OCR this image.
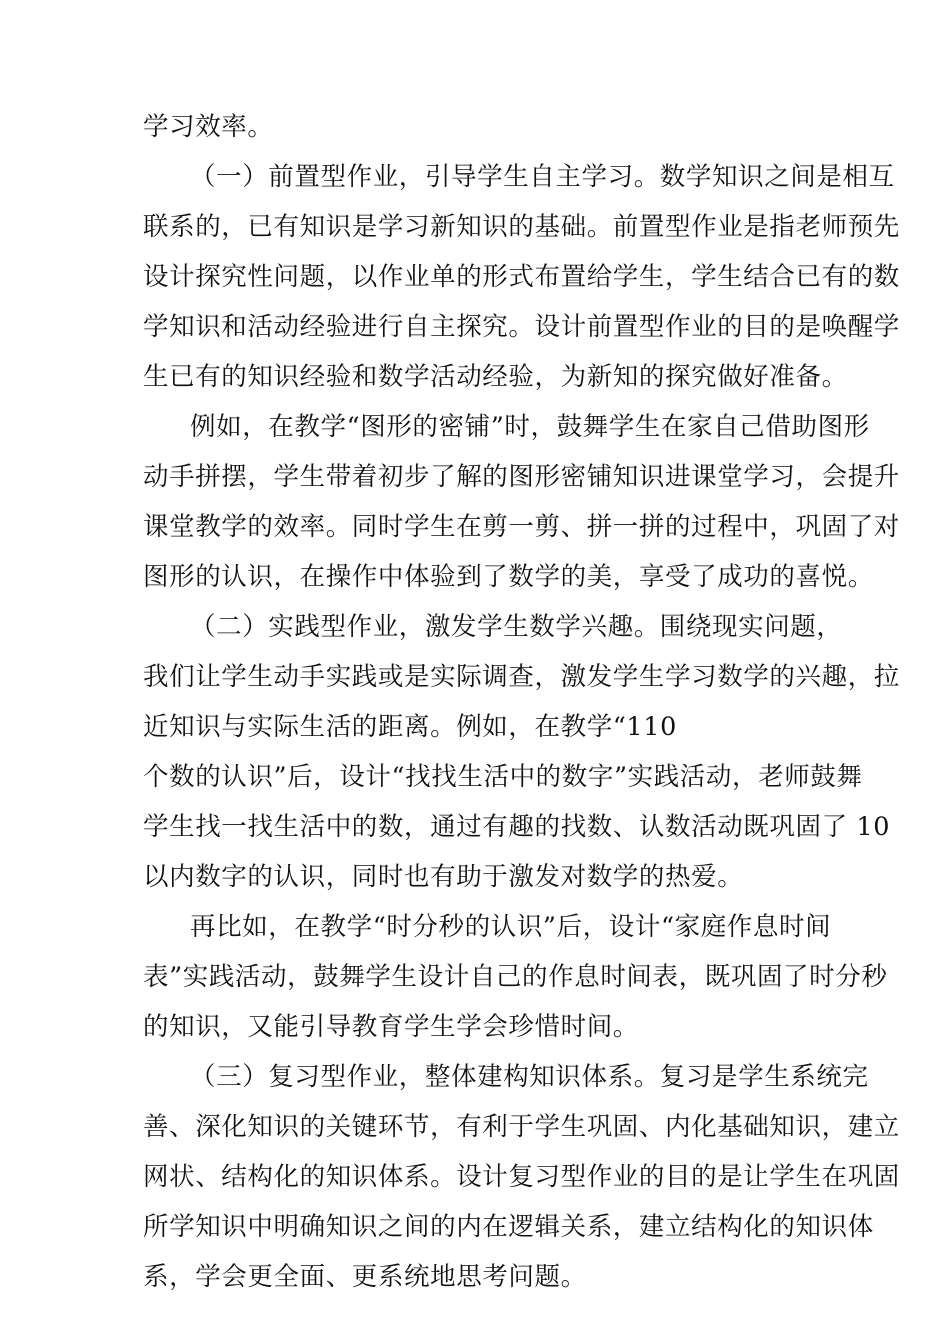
学习效率。
（一）前置型作业，引导学生自主学习。数学知识之间是相互
联系的，已有知识是学习新知识的基础。前置型作业是指老师预先
设计探究性问题，以作业单的形式布置给学生，学生结合已有的数
学知识和活动经验进行自主探究。设计前置型作业的目的是唤醒学
生已有的知识经验和数学活动经验，为新知的探究做好准备。
例如，在教学“图形的密铺”时，鼓舞学生在家自己借助图形
动手拼摆，学生带着初步了解的图形密铺知识进课堂学习，会提升
课堂教学的效率。同时学生在剪一剪、拼一拼的过程中，巩固了对
图形的认识，在操作中体验到了数学的美，享受了成功的喜悦。
（二）实践型作业，激发学生数学兴趣。围绕现实问题，
我们让学生动手实践或是实际调查，激发学生学习数学的兴趣，拉
近知识与实际生活的距离。例如，在教学“110
个数的认识”后，设计“找找生活中的数字”实践活动，老师鼓舞
学生找一找生活中的数，通过有趣的找数、认数活动既巩固了 10
以内数字的认识，同时也有助于激发对数学的热爱。
再比如，在教学“时分秒的认识”后，设计“家庭作息时间
表”实践活动，鼓舞学生设计自己的作息时间表，既巩固了时分秒
的知识，又能引导教育学生学会珍惜时间。
（三）复习型作业，整体建构知识体系。复习是学生系统完
善、深化知识的关键环节，有利于学生巩固、内化基础知识，建立
网状、结构化的知识体系。设计复习型作业的目的是让学生在巩固
所学知识中明确知识之间的内在逻辑关系，建立结构化的知识体
系，学会更全面、更系统地思考问题。
